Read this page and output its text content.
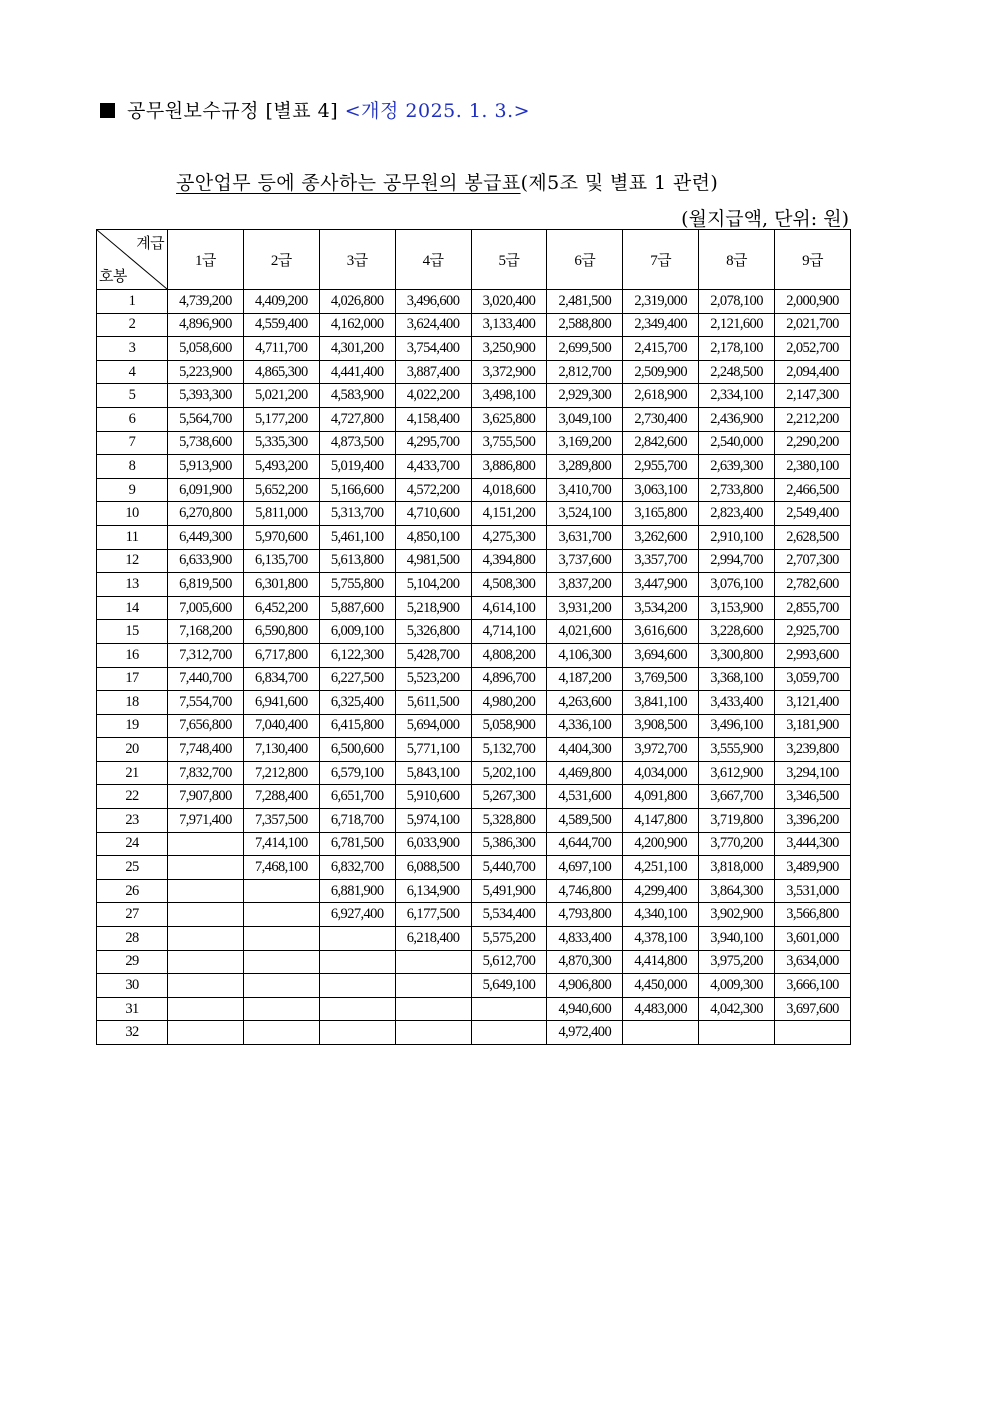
공무원보수규정 [별표 4] <개정 2025. 1. 3.>
공안업무 등에 종사하는 공무원의 봉급표(제5조 및 별표 1 관련)
(월지급액, 단위: 원)
계급
호봉	1급	2급	3급	4급	5급	6급	7급	8급	9급
1	4,739,200	4,409,200	4,026,800	3,496,600	3,020,400	2,481,500	2,319,000	2,078,100	2,000,900
2	4,896,900	4,559,400	4,162,000	3,624,400	3,133,400	2,588,800	2,349,400	2,121,600	2,021,700
3	5,058,600	4,711,700	4,301,200	3,754,400	3,250,900	2,699,500	2,415,700	2,178,100	2,052,700
4	5,223,900	4,865,300	4,441,400	3,887,400	3,372,900	2,812,700	2,509,900	2,248,500	2,094,400
5	5,393,300	5,021,200	4,583,900	4,022,200	3,498,100	2,929,300	2,618,900	2,334,100	2,147,300
6	5,564,700	5,177,200	4,727,800	4,158,400	3,625,800	3,049,100	2,730,400	2,436,900	2,212,200
7	5,738,600	5,335,300	4,873,500	4,295,700	3,755,500	3,169,200	2,842,600	2,540,000	2,290,200
8	5,913,900	5,493,200	5,019,400	4,433,700	3,886,800	3,289,800	2,955,700	2,639,300	2,380,100
9	6,091,900	5,652,200	5,166,600	4,572,200	4,018,600	3,410,700	3,063,100	2,733,800	2,466,500
10	6,270,800	5,811,000	5,313,700	4,710,600	4,151,200	3,524,100	3,165,800	2,823,400	2,549,400
11	6,449,300	5,970,600	5,461,100	4,850,100	4,275,300	3,631,700	3,262,600	2,910,100	2,628,500
12	6,633,900	6,135,700	5,613,800	4,981,500	4,394,800	3,737,600	3,357,700	2,994,700	2,707,300
13	6,819,500	6,301,800	5,755,800	5,104,200	4,508,300	3,837,200	3,447,900	3,076,100	2,782,600
14	7,005,600	6,452,200	5,887,600	5,218,900	4,614,100	3,931,200	3,534,200	3,153,900	2,855,700
15	7,168,200	6,590,800	6,009,100	5,326,800	4,714,100	4,021,600	3,616,600	3,228,600	2,925,700
16	7,312,700	6,717,800	6,122,300	5,428,700	4,808,200	4,106,300	3,694,600	3,300,800	2,993,600
17	7,440,700	6,834,700	6,227,500	5,523,200	4,896,700	4,187,200	3,769,500	3,368,100	3,059,700
18	7,554,700	6,941,600	6,325,400	5,611,500	4,980,200	4,263,600	3,841,100	3,433,400	3,121,400
19	7,656,800	7,040,400	6,415,800	5,694,000	5,058,900	4,336,100	3,908,500	3,496,100	3,181,900
20	7,748,400	7,130,400	6,500,600	5,771,100	5,132,700	4,404,300	3,972,700	3,555,900	3,239,800
21	7,832,700	7,212,800	6,579,100	5,843,100	5,202,100	4,469,800	4,034,000	3,612,900	3,294,100
22	7,907,800	7,288,400	6,651,700	5,910,600	5,267,300	4,531,600	4,091,800	3,667,700	3,346,500
23	7,971,400	7,357,500	6,718,700	5,974,100	5,328,800	4,589,500	4,147,800	3,719,800	3,396,200
24		7,414,100	6,781,500	6,033,900	5,386,300	4,644,700	4,200,900	3,770,200	3,444,300
25		7,468,100	6,832,700	6,088,500	5,440,700	4,697,100	4,251,100	3,818,000	3,489,900
26			6,881,900	6,134,900	5,491,900	4,746,800	4,299,400	3,864,300	3,531,000
27			6,927,400	6,177,500	5,534,400	4,793,800	4,340,100	3,902,900	3,566,800
28				6,218,400	5,575,200	4,833,400	4,378,100	3,940,100	3,601,000
29					5,612,700	4,870,300	4,414,800	3,975,200	3,634,000
30					5,649,100	4,906,800	4,450,000	4,009,300	3,666,100
31						4,940,600	4,483,000	4,042,300	3,697,600
32						4,972,400			
